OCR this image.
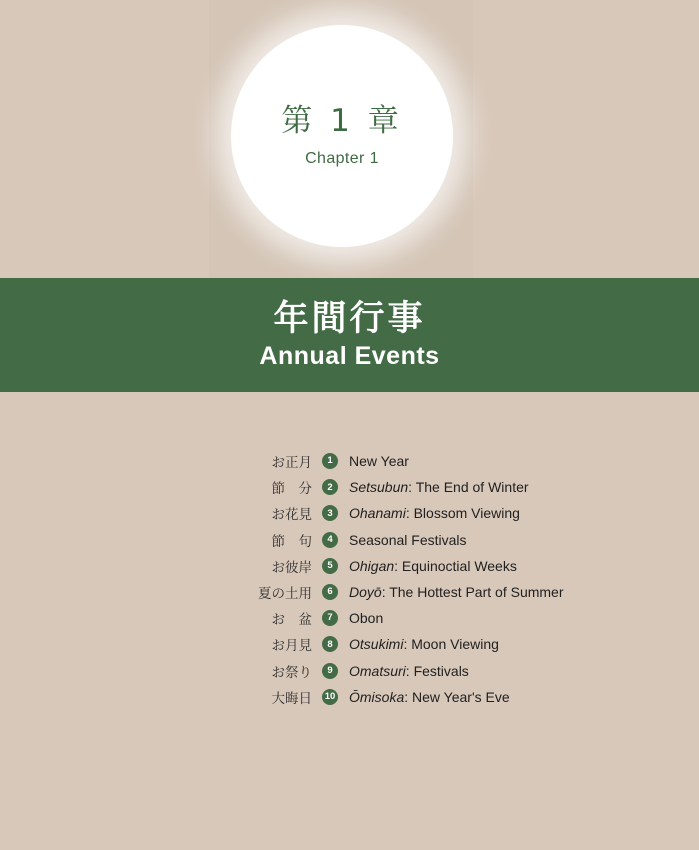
第 1 章
Chapter 1
年間行事
Annual Events
お正月	1	New Year
節　分	2	Setsubun: The End of Winter
お花見	3	Ohanami: Blossom Viewing
節　句	4	Seasonal Festivals
お彼岸	5	Ohigan: Equinoctial Weeks
夏の土用	6	Doyō: The Hottest Part of Summer
お　盆	7	Obon
お月見	8	Otsukimi: Moon Viewing
お祭り	9	Omatsuri: Festivals
大晦日	10 Ōmisoka: New Year's Eve
